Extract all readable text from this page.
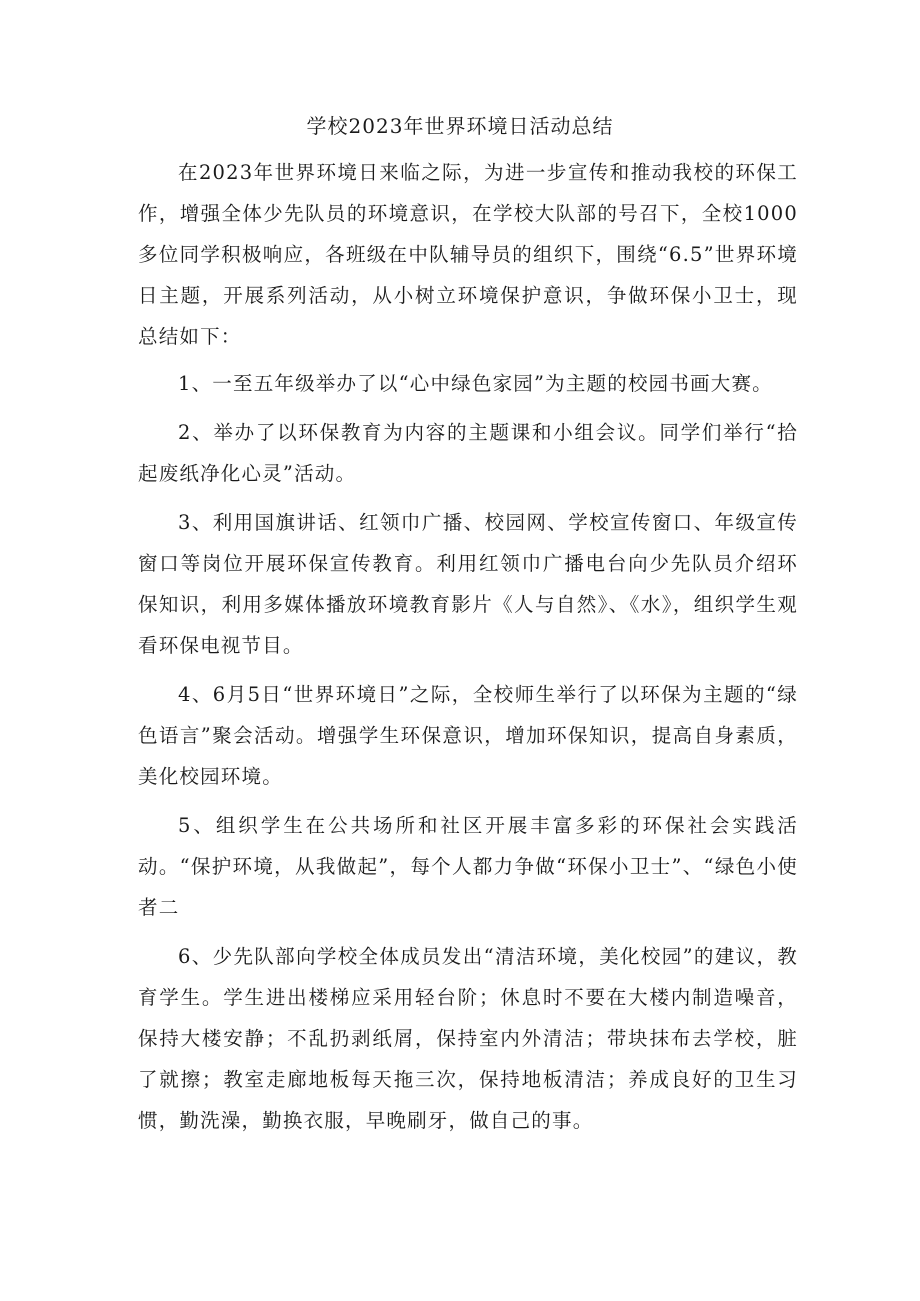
学校2023年世界环境日活动总结

在2023年世界环境日来临之际，为进一步宣传和推动我校的环保工作，增强全体少先队员的环境意识，在学校大队部的号召下，全校1000多位同学积极响应，各班级在中队辅导员的组织下，围绕“6.5”世界环境日主题，开展系列活动，从小树立环境保护意识，争做环保小卫士，现总结如下：

1、一至五年级举办了以“心中绿色家园”为主题的校园书画大赛。

2、举办了以环保教育为内容的主题课和小组会议。同学们举行“拾起废纸净化心灵”活动。

3、利用国旗讲话、红领巾广播、校园网、学校宣传窗口、年级宣传窗口等岗位开展环保宣传教育。利用红领巾广播电台向少先队员介绍环保知识，利用多媒体播放环境教育影片《人与自然》、《水》，组织学生观看环保电视节目。

4、6月5日“世界环境日”之际，全校师生举行了以环保为主题的“绿色语言”聚会活动。增强学生环保意识，增加环保知识，提高自身素质，美化校园环境。

5、组织学生在公共场所和社区开展丰富多彩的环保社会实践活动。“保护环境，从我做起”，每个人都力争做“环保小卫士”、“绿色小使者二

6、少先队部向学校全体成员发出“清洁环境，美化校园”的建议，教育学生。学生进出楼梯应采用轻台阶；休息时不要在大楼内制造噪音，保持大楼安静；不乱扔剥纸屑，保持室内外清洁；带块抹布去学校，脏了就擦；教室走廊地板每天拖三次，保持地板清洁；养成良好的卫生习惯，勤洗澡，勤换衣服，早晚刷牙，做自己的事。
